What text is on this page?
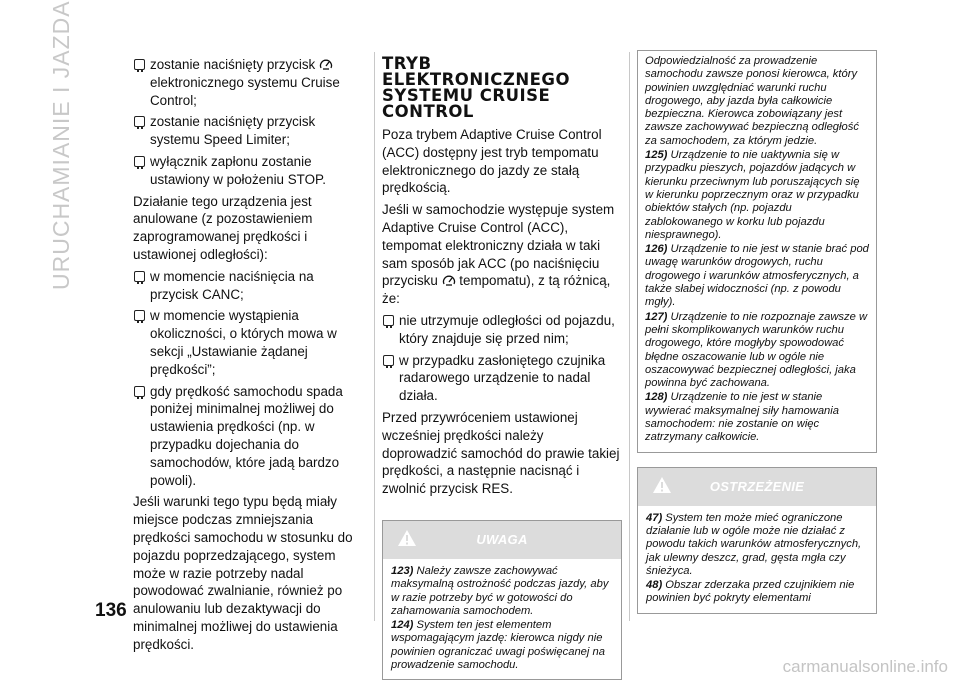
URUCHAMIANIE I JAZDA
136

zostanie naciśnięty przycisk  elektronicznego systemu Cruise Control;

zostanie naciśnięty przycisk systemu Speed Limiter;

wyłącznik zapłonu zostanie ustawiony w położeniu STOP.

Działanie tego urządzenia jest anulowane (z pozostawieniem zaprogramowanej prędkości i ustawionej odległości):

w momencie naciśnięcia na przycisk CANC;

w momencie wystąpienia okoliczności, o których mowa w sekcji „Ustawianie żądanej prędkości”;

gdy prędkość samochodu spada poniżej minimalnej możliwej do ustawienia prędkości (np. w przypadku dojechania do samochodów, które jadą bardzo powoli).

Jeśli warunki tego typu będą miały miejsce podczas zmniejszania prędkości samochodu w stosunku do pojazdu poprzedzającego, system może w razie potrzeby nadal powodować zwalnianie, również po anulowaniu lub dezaktywacji do minimalnej możliwej do ustawienia prędkości.

TRYB
ELEKTRONICZNEGO
SYSTEMU CRUISE
CONTROL

Poza trybem Adaptive Cruise Control (ACC) dostępny jest tryb tempomatu elektronicznego do jazdy ze stałą prędkością.

Jeśli w samochodzie występuje system Adaptive Cruise Control (ACC), tempomat elektroniczny działa w taki sam sposób jak ACC (po naciśnięciu przycisku tempomatu), z tą różnicą, że:

nie utrzymuje odległości od pojazdu, który znajduje się przed nim;

w przypadku zasłoniętego czujnika radarowego urządzenie to nadal działa.

Przed przywróceniem ustawionej wcześniej prędkości należy doprowadzić samochód do prawie takiej prędkości, a następnie nacisnąć i zwolnić przycisk RES.

UWAGA

123) Należy zawsze zachowywać maksymalną ostrożność podczas jazdy, aby w razie potrzeby być w gotowości do zahamowania samochodem.

124) System ten jest elementem wspomagającym jazdę: kierowca nigdy nie powinien ograniczać uwagi poświęcanej na prowadzenie samochodu.

Odpowiedzialność za prowadzenie samochodu zawsze ponosi kierowca, który powinien uwzględniać warunki ruchu drogowego, aby jazda była całkowicie bezpieczna. Kierowca zobowiązany jest zawsze zachowywać bezpieczną odległość za samochodem, za którym jedzie.

125) Urządzenie to nie uaktywnia się w przypadku pieszych, pojazdów jadących w kierunku przeciwnym lub poruszających się w kierunku poprzecznym oraz w przypadku obiektów stałych (np. pojazdu zablokowanego w korku lub pojazdu niesprawnego).

126) Urządzenie to nie jest w stanie brać pod uwagę warunków drogowych, ruchu drogowego i warunków atmosferycznych, a także słabej widoczności (np. z powodu mgły).

127) Urządzenie to nie rozpoznaje zawsze w pełni skomplikowanych warunków ruchu drogowego, które mogłyby spowodować błędne oszacowanie lub w ogóle nie oszacowywać bezpiecznej odległości, jaka powinna być zachowana.

128) Urządzenie to nie jest w stanie wywierać maksymalnej siły hamowania samochodem: nie zostanie on więc zatrzymany całkowicie.

OSTRZEŻENIE

47) System ten może mieć ograniczone działanie lub w ogóle może nie działać z powodu takich warunków atmosferycznych, jak ulewny deszcz, grad, gęsta mgła czy śnieżyca.

48) Obszar zderzaka przed czujnikiem nie powinien być pokryty elementami

carmanualsonline.info
